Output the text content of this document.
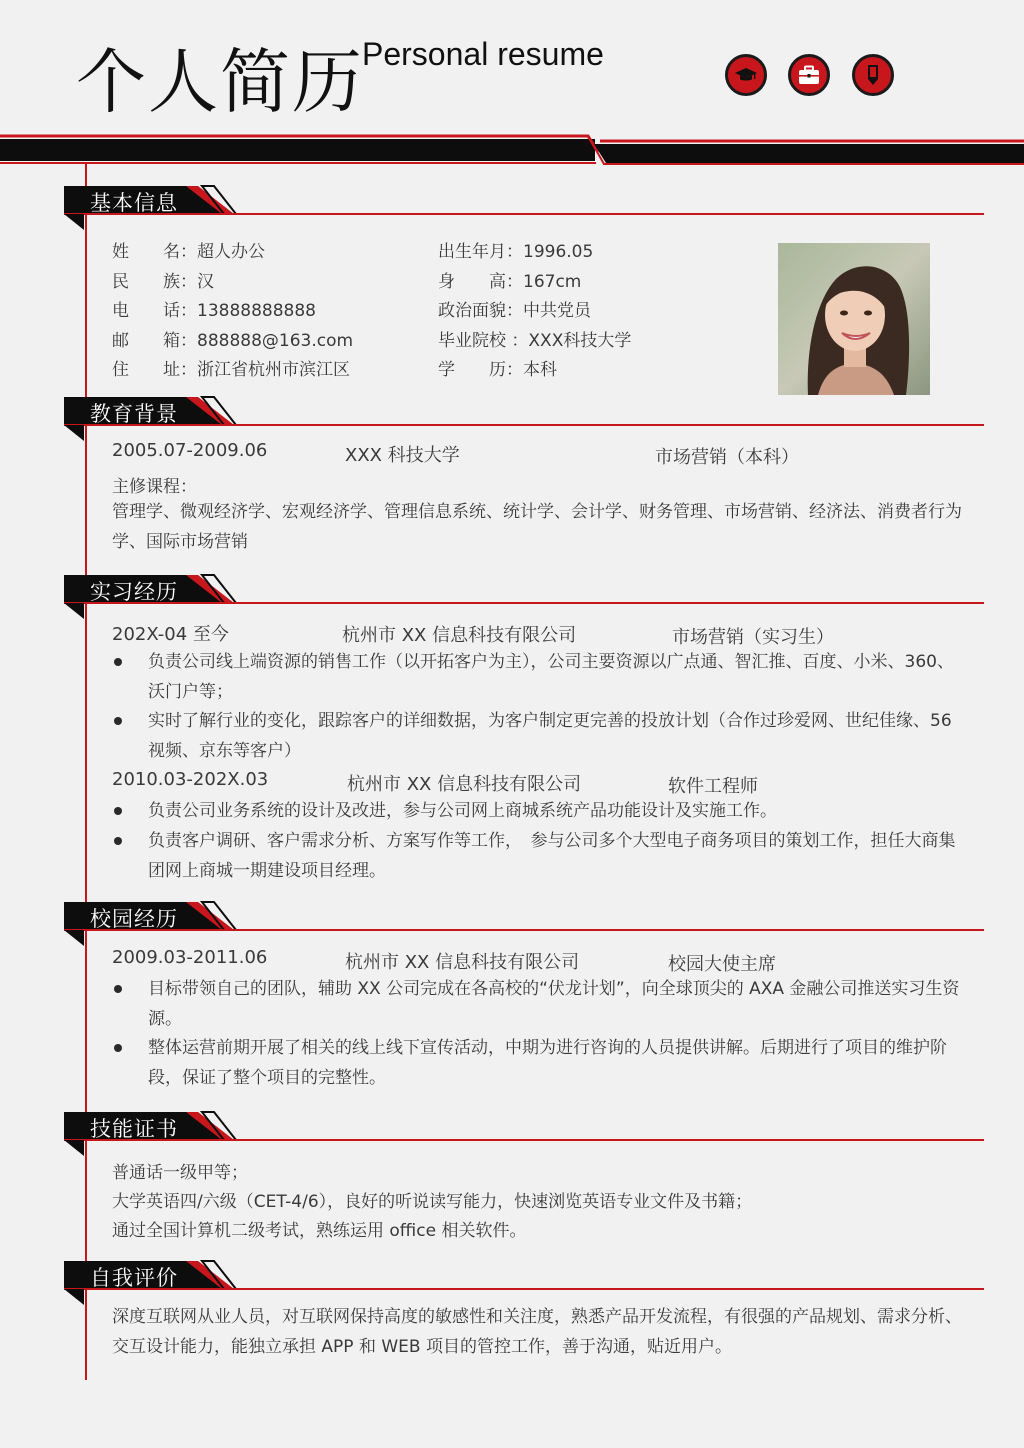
个人简历
Personal resume
基本信息
教育背景
实习经历
校园经历
技能证书
自我评价
姓　　名：超人办公
民　　族：汉
电　　话：13888888888
邮　　箱：888888@163.com
住　　址：浙江省杭州市滨江区
出生年月：1996.05
身　　高：167cm
政治面貌：中共党员
毕业院校 ：XXX科技大学
学　　历：本科
2005.07-2009.06	XXX 科技大学	市场营销（本科）
主修课程：
管理学、微观经济学、宏观经济学、管理信息系统、统计学、会计学、财务管理、市场营销、经济法、消费者行为学、国际市场营销
202X-04 至今	杭州市 XX 信息科技有限公司	市场营销（实习生）
负责公司线上端资源的销售工作（以开拓客户为主），公司主要资源以广点通、智汇推、百度、小米、360、沃门户等；
实时了解行业的变化，跟踪客户的详细数据，为客户制定更完善的投放计划（合作过珍爱网、世纪佳缘、56 视频、京东等客户）
2010.03-202X.03	杭州市 XX 信息科技有限公司	软件工程师
负责公司业务系统的设计及改进，参与公司网上商城系统产品功能设计及实施工作。
负责客户调研、客户需求分析、方案写作等工作，　参与公司多个大型电子商务项目的策划工作，担任大商集团网上商城一期建设项目经理。
2009.03-2011.06	杭州市 XX 信息科技有限公司	校园大使主席
目标带领自己的团队，辅助 XX 公司完成在各高校的“伏龙计划”，向全球顶尖的 AXA 金融公司推送实习生资源。
整体运营前期开展了相关的线上线下宣传活动，中期为进行咨询的人员提供讲解。后期进行了项目的维护阶段，保证了整个项目的完整性。
普通话一级甲等；
大学英语四/六级（CET-4/6），良好的听说读写能力，快速浏览英语专业文件及书籍；
通过全国计算机二级考试，熟练运用 office 相关软件。
深度互联网从业人员，对互联网保持高度的敏感性和关注度，熟悉产品开发流程，有很强的产品规划、需求分析、交互设计能力，能独立承担 APP 和 WEB 项目的管控工作，善于沟通，贴近用户。
